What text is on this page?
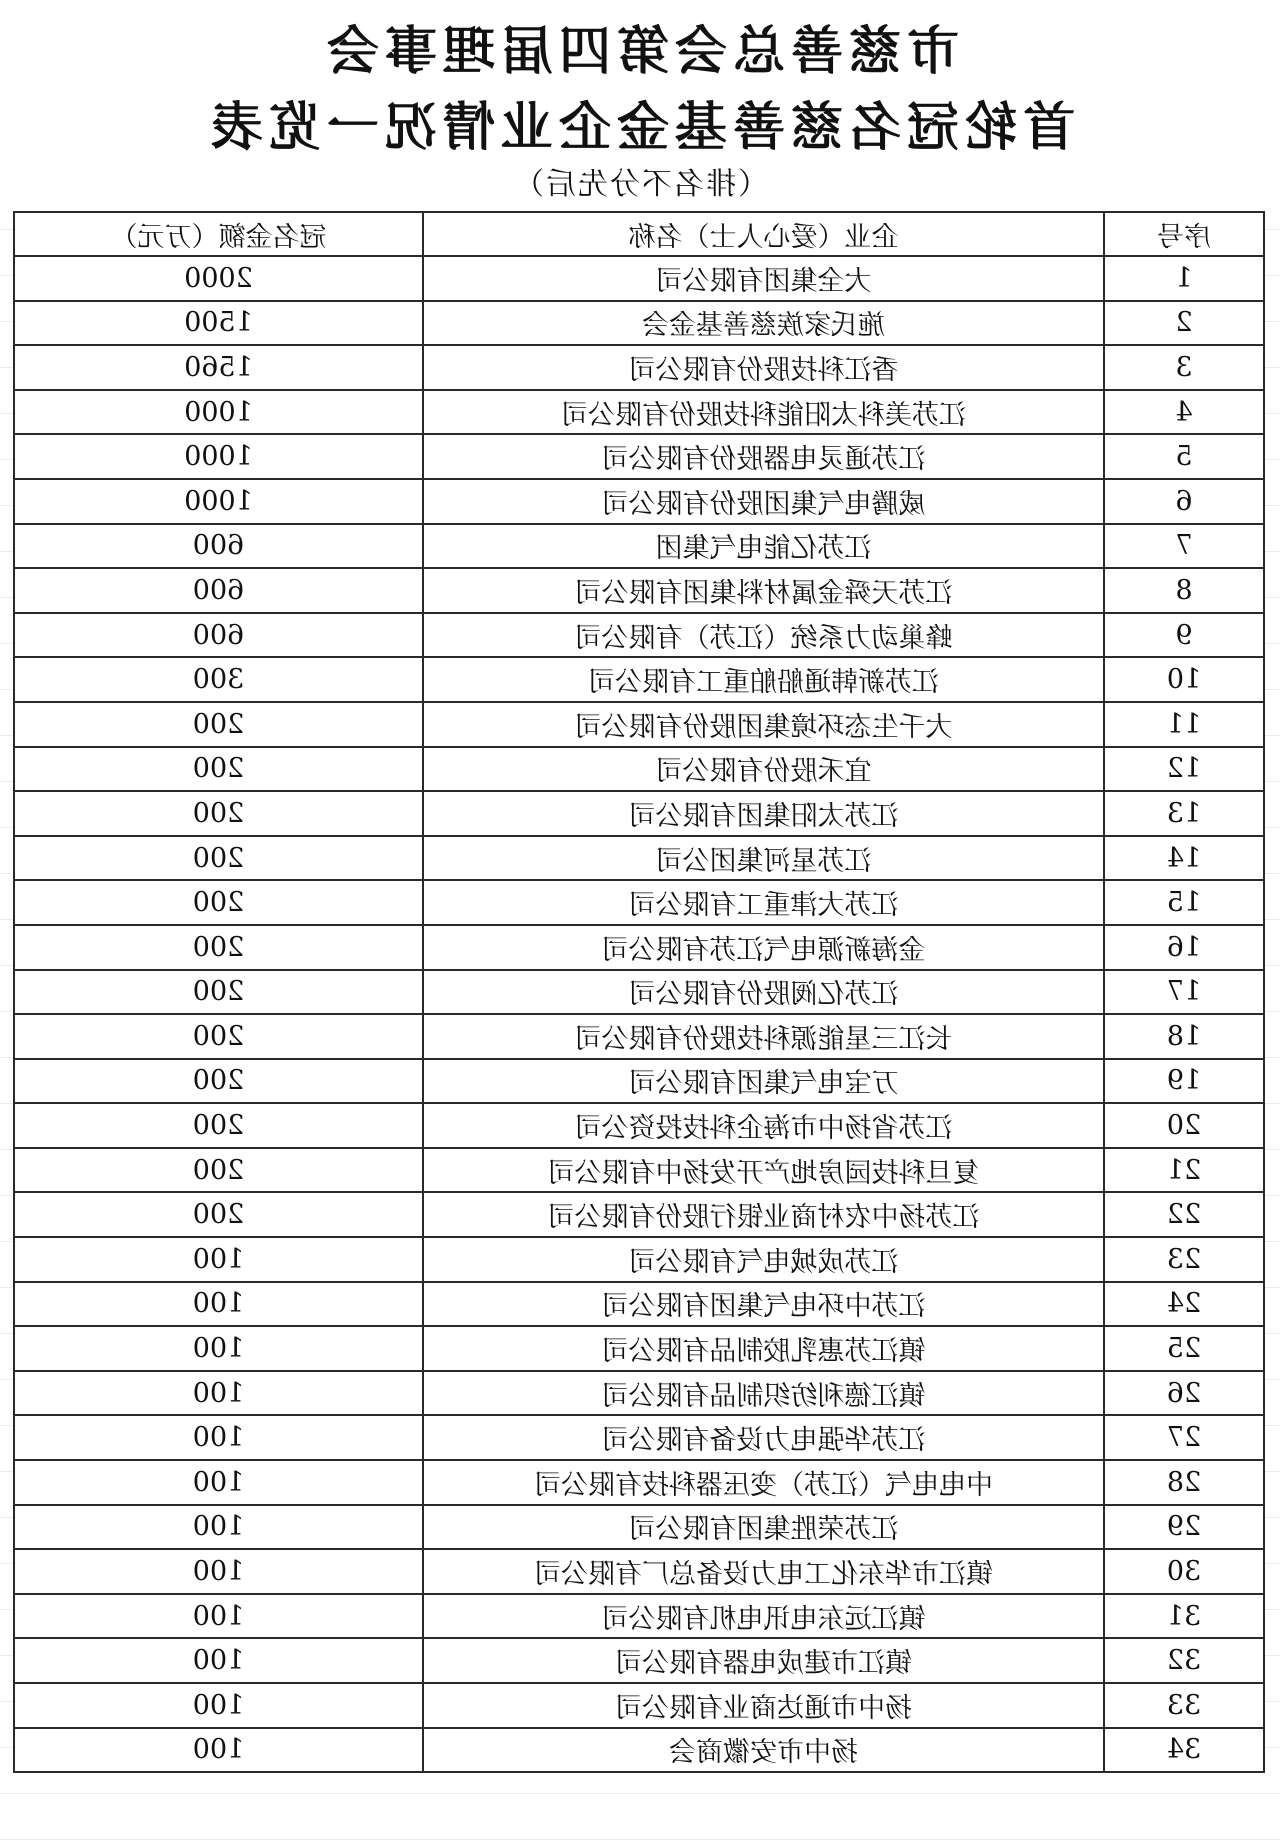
市慈善总会第四届理事会
首轮冠名慈善基金企业情况一览表
（排名不分先后）
序号	企业（爱心人士）名称	冠名金额（万元）
1	大全集团有限公司	2000
2	施氏家族慈善基金会	1500
3	香江科技股份有限公司	1560
4	江苏美科太阳能科技股份有限公司	1000
5	江苏通灵电器股份有限公司	1000
6	威腾电气集团股份有限公司	1000
7	江苏亿能电气集团	600
8	江苏天舜金属材料集团有限公司	600
9	蜂巢动力系统（江苏）有限公司	600
10	江苏新韩通船舶重工有限公司	300
11	大千生态环境集团股份有限公司	200
12	宜禾股份有限公司	200
13	江苏太阳集团有限公司	200
14	江苏星河集团公司	200
15	江苏大津重工有限公司	200
16	金海新源电气江苏有限公司	200
17	江苏亿阀股份有限公司	200
18	长江三星能源科技股份有限公司	200
19	万宝电气集团有限公司	200
20	江苏省扬中市海企科技投资公司	200
21	复旦科技园房地产开发扬中有限公司	200
22	江苏扬中农村商业银行股份有限公司	200
23	江苏成城电气有限公司	100
24	江苏中环电气集团有限公司	100
25	镇江苏惠乳胶制品有限公司	100
26	镇江德利纺织制品有限公司	100
27	江苏华强电力设备有限公司	100
28	中电电气（江苏）变压器科技有限公司	100
29	江苏荣胜集团有限公司	100
30	镇江市华东化工电力设备总厂有限公司	100
31	镇江远东电讯电机有限公司	100
32	镇江市建成电器有限公司	100
33	扬中市通达商业有限公司	100
34	扬中市安徽商会	100
